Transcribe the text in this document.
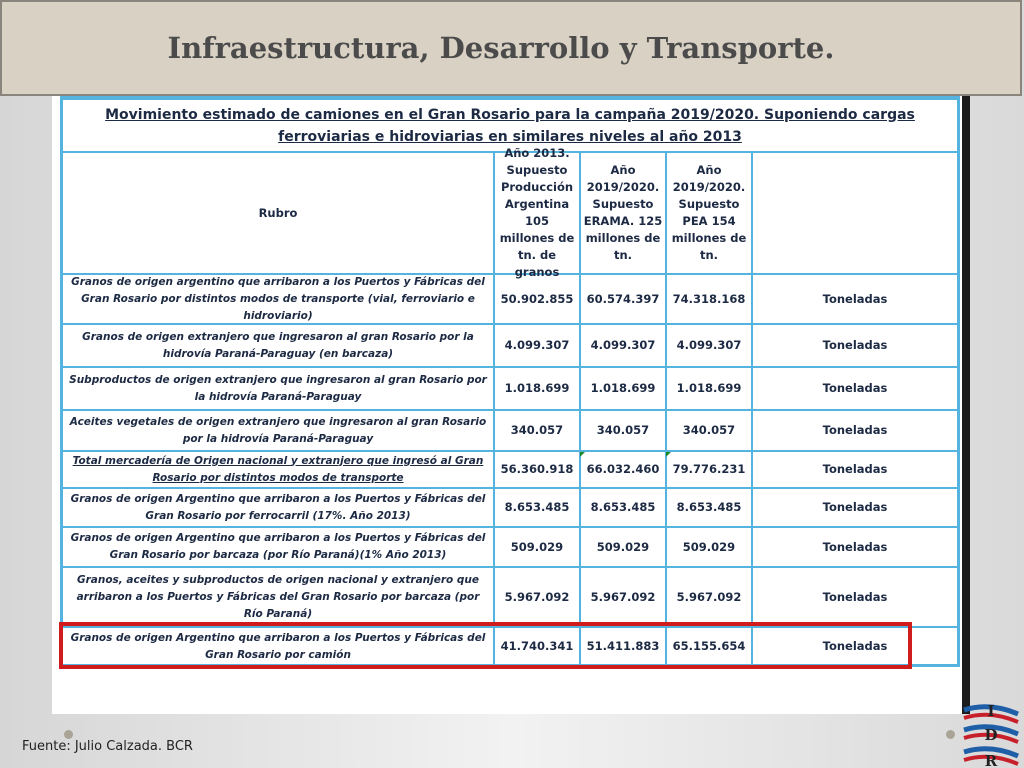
Infraestructura, Desarrollo y Transporte.
Movimiento estimado de camiones en el Gran Rosario para la campaña 2019/2020. Suponiendo cargas ferroviarias e hidroviarias en similares niveles al año 2013
Rubro
Año 2013. Supuesto Producción Argentina 105 millones de tn. de granos
Año 2019/2020. Supuesto ERAMA. 125 millones de tn.
Año 2019/2020. Supuesto PEA 154 millones de tn.
Granos de origen argentino que arribaron a los Puertos y Fábricas del Gran Rosario por distintos modos de transporte (vial, ferroviario e hidroviario)
50.902.855	60.574.397	74.318.168	Toneladas
Granos de origen extranjero que ingresaron al gran Rosario por la hidrovía Paraná-Paraguay (en barcaza)
4.099.307	4.099.307	4.099.307	Toneladas
Subproductos de origen extranjero que ingresaron al gran Rosario por la hidrovía Paraná-Paraguay
1.018.699	1.018.699	1.018.699	Toneladas
Aceites vegetales de origen extranjero que ingresaron al gran Rosario por la hidrovía Paraná-Paraguay
340.057	340.057	340.057	Toneladas
Total mercadería de Origen nacional y extranjero que ingresó al Gran Rosario por distintos modos de transporte
56.360.918	66.032.460	79.776.231	Toneladas
Granos de origen Argentino que arribaron a los Puertos y Fábricas del Gran Rosario por ferrocarril (17%. Año 2013)
8.653.485	8.653.485	8.653.485	Toneladas
Granos de origen Argentino que arribaron a los Puertos y Fábricas del Gran Rosario por barcaza (por Río Paraná)(1% Año 2013)
509.029	509.029	509.029	Toneladas
Granos, aceites y subproductos de origen nacional y extranjero que arribaron a los Puertos y Fábricas del Gran Rosario por barcaza (por Río Paraná)
5.967.092	5.967.092	5.967.092	Toneladas
Granos de origen Argentino que arribaron a los Puertos y Fábricas del Gran Rosario por camión
41.740.341	51.411.883	65.155.654	Toneladas

Fuente: Julio Calzada. BCR

I
D
R
